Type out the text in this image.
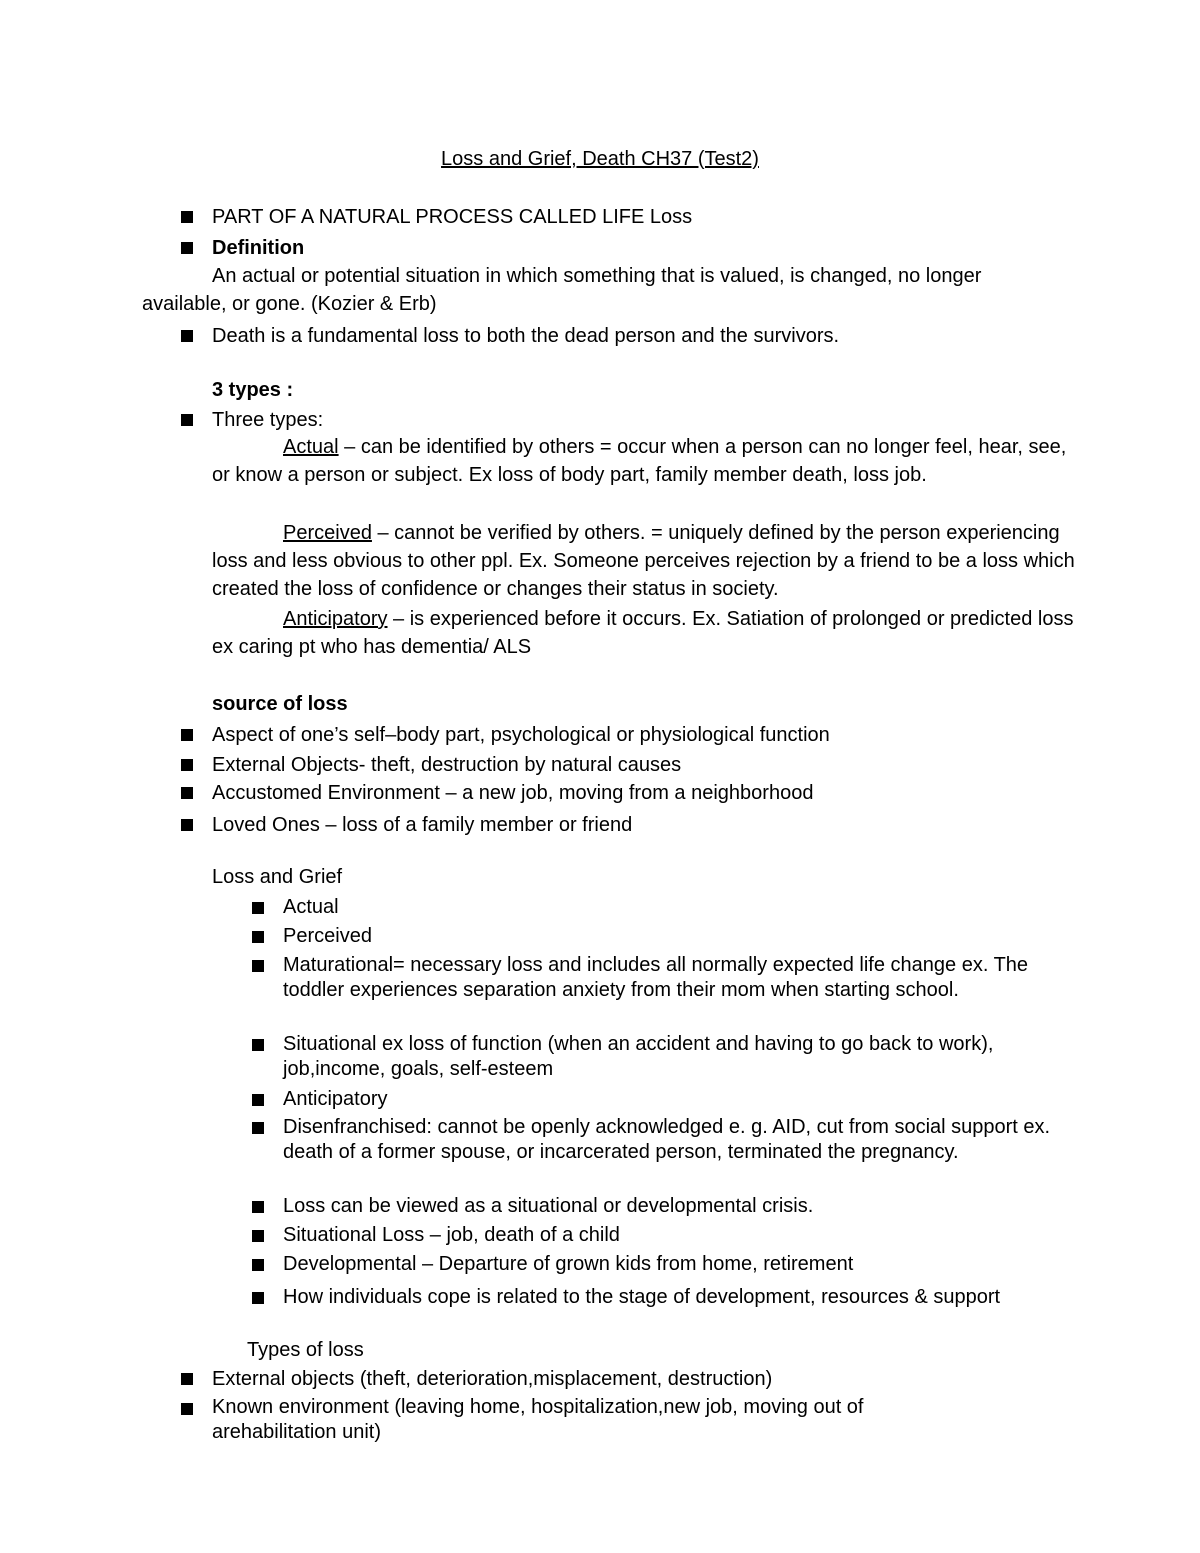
Loss and Grief, Death CH37 (Test2)
PART OF A NATURAL PROCESS CALLED LIFE Loss
Definition
An actual or potential situation in which something that is valued, is changed, no longer
available, or gone. (Kozier & Erb)
Death is a fundamental loss to both the dead person and the survivors.
3 types :
Three types:
Actual – can be identified by others = occur when a person can no longer feel, hear, see, or know a person or subject. Ex loss of body part, family member death, loss job.
Perceived – cannot be verified by others. = uniquely defined by the person experiencing loss and less obvious to other ppl. Ex. Someone perceives rejection by a friend to be a loss which created the loss of confidence or changes their status in society.
Anticipatory – is experienced before it occurs. Ex. Satiation of prolonged or predicted loss ex caring pt who has dementia/ ALS
source of loss
Aspect of one’s self–body part, psychological or physiological function
External Objects- theft, destruction by natural causes
Accustomed Environment – a new job, moving from a neighborhood
Loved Ones – loss of a family member or friend
Loss and Grief
Actual
Perceived
Maturational= necessary loss and includes all normally expected life change ex. The toddler experiences separation anxiety from their mom when starting school.
Situational ex loss of function (when an accident and having to go back to work), job,income, goals, self-esteem
Anticipatory
Disenfranchised: cannot be openly acknowledged e. g. AID, cut from social support ex. death of a former spouse, or incarcerated person, terminated the pregnancy.
Loss can be viewed as a situational or developmental crisis.
Situational Loss – job, death of a child
Developmental – Departure of grown kids from home, retirement
How individuals cope is related to the stage of development, resources & support
Types of loss
External objects (theft, deterioration,misplacement, destruction)
Known environment (leaving home, hospitalization,new job, moving out of arehabilitation unit)
